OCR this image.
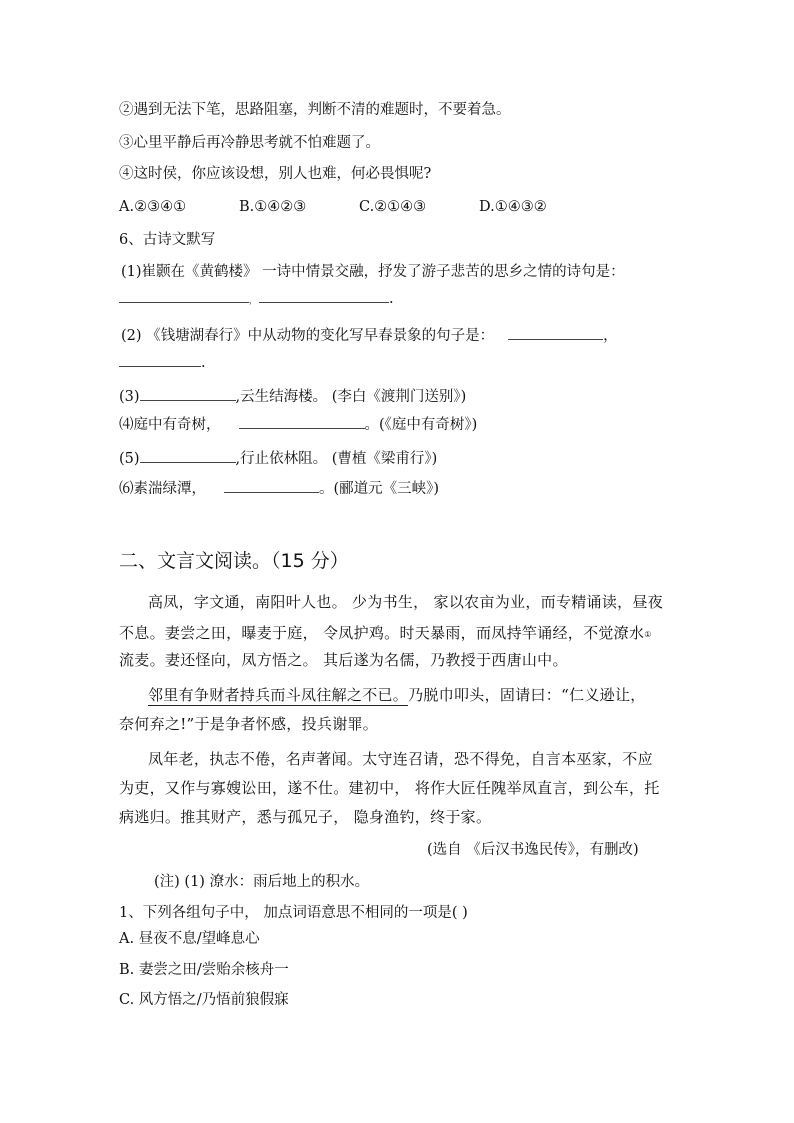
②遇到无法下笔，思路阻塞，判断不清的难题时，不要着急。
③心里平静后再冷静思考就不怕难题了。
④这时侯，你应该设想，别人也难，何必畏惧呢?
A.②③④①	B.①④②③	C.②①④③	D.①④③②
6、古诗文默写
(1)崔颢在《黄鹤楼》 一诗中情景交融，抒发了游子悲苦的思乡之情的诗句是：
，	.
(2) 《钱塘湖春行》中从动物的变化写早春景象的句子是：	，
.
(3)	,云生结海楼。 (李白《渡荆门送别》)
⑷庭中有奇树，	。(《庭中有奇树》)
(5)	,行止依林阻。 (曹植《梁甫行》)
⑹素湍绿潭，	。(郦道元《三峡》)
二、文言文阅读。（15 分）
高凤，字文通，南阳叶人也。 少为书生， 家以农亩为业，而专精诵读，昼夜
不息。妻尝之田，曝麦于庭， 令凤护鸡。时天暴雨，而凤持竿诵经，不觉潦水①
流麦。妻还怪向，凤方悟之。 其后遂为名儒，乃教授于西唐山中。
邻里有争财者持兵而斗凤往解之不已。乃脱巾叩头，固请曰：“仁义逊让，
奈何弃之!”于是争者怀感，投兵谢罪。
凤年老，执志不倦，名声著闻。太守连召请，恐不得免，自言本巫家，不应
为吏，又作与寡嫂讼田，遂不仕。建初中， 将作大匠任隗举凤直言，到公车，托
病逃归。推其财产，悉与孤兄子， 隐身渔钓，终于家。
(选自 《后汉书逸民传》，有删改)
(注) (1) 潦水：雨后地上的积水。
1、下列各组句子中， 加点词语意思不相同的一项是( )
A. 昼夜不息/望峰息心
B. 妻尝之田/尝贻余核舟一
C. 风方悟之/乃悟前狼假寐
